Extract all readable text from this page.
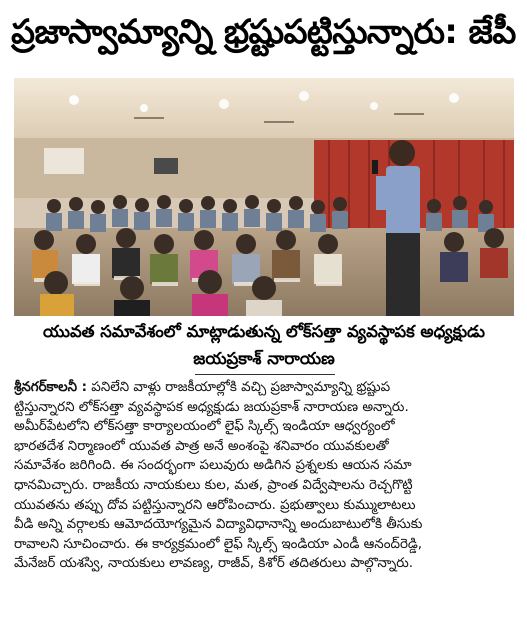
ప్రజాస్వామ్యాన్ని భ్రష్టుపట్టిస్తున్నారు: జేపీ
యువత సమావేశంలో మాట్లాడుతున్న లోక్‌సత్తా వ్యవస్థాపక అధ్యక్షుడు
జయప్రకాశ్ నారాయణ
శ్రీనగర్‌కాలనీ : పనిలేని వాళ్లు రాజకీయాల్లోకి వచ్చి ప్రజాస్వామ్యాన్ని భ్రష్టుప
ట్టిస్తున్నారని లోక్‌సత్తా వ్యవస్థాపక అధ్యక్షుడు జయప్రకాశ్ నారాయణ అన్నారు.
అమీర్‌పేటలోని లోక్‌సత్తా కార్యాలయంలో లైఫ్ స్కిల్స్ ఇండియా ఆధ్వర్యంలో
భారతదేశ నిర్మాణంలో యువత పాత్ర అనే అంశంపై శనివారం యువకులతో
సమావేశం జరిగింది. ఈ సందర్భంగా పలువురు అడిగిన ప్రశ్నలకు ఆయన సమా
ధానమిచ్చారు. రాజకీయ నాయకులు కుల, మత, ప్రాంత విద్వేషాలను రెచ్చగొట్టి
యువతను తప్పు దోవ పట్టిస్తున్నారని ఆరోపించారు. ప్రభుత్వాలు కుమ్ములాటలు
వీడి అన్ని వర్గాలకు ఆమోదయోగ్యమైన విద్యావిధానాన్ని అందుబాటులోకి తీసుకు
రావాలని సూచించారు. ఈ కార్యక్రమంలో లైఫ్ స్కిల్స్ ఇండియా ఎండీ ఆనంద్‌రెడ్డి,
మేనేజర్ యశస్వి, నాయకులు లావణ్య, రాజీవ్, కిశోర్ తదితరులు పాల్గొన్నారు.
